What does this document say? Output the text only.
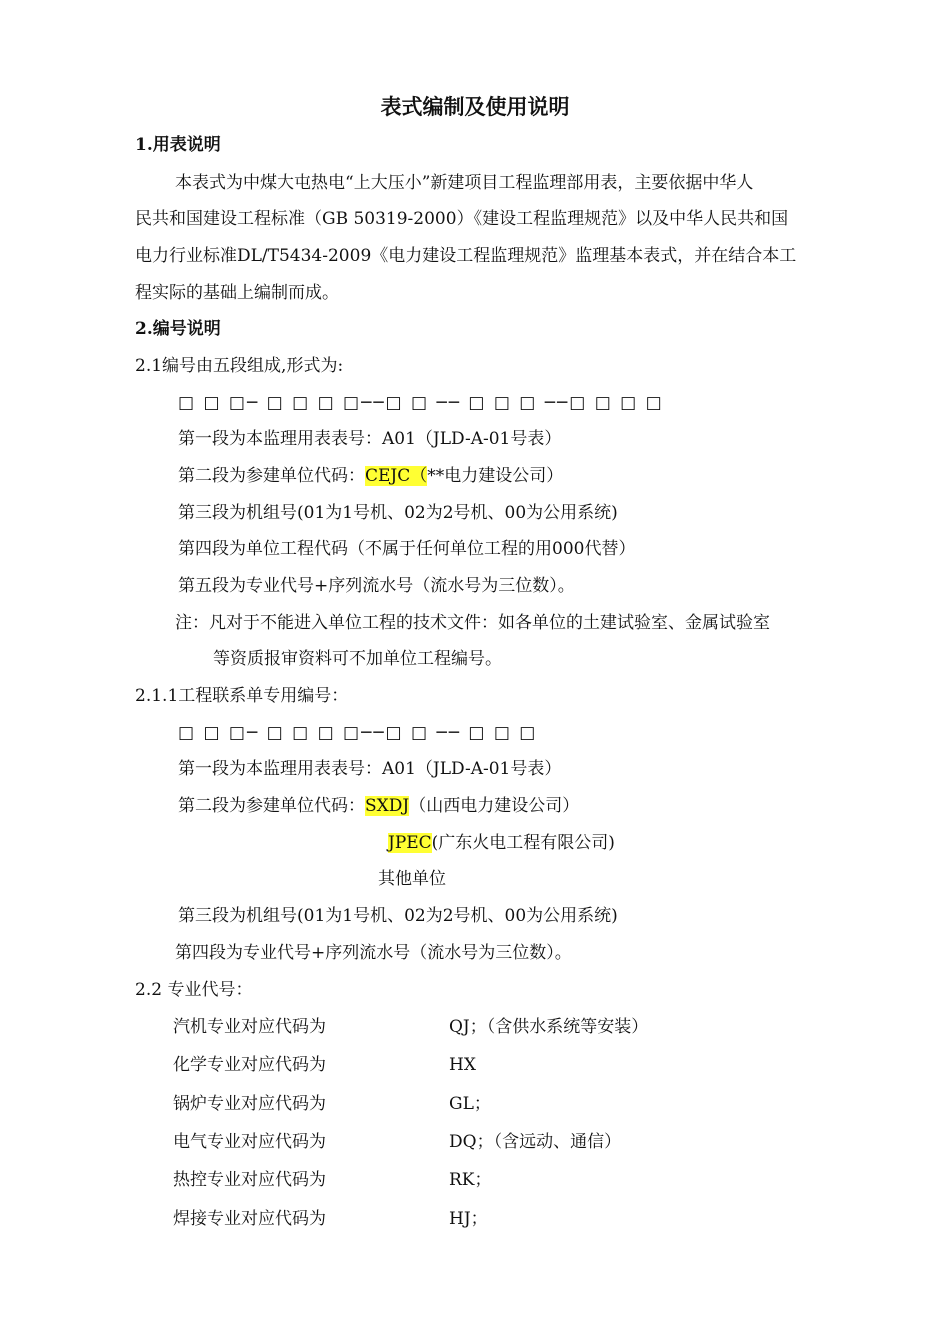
表式编制及使用说明
1.用表说明
本表式为中煤大屯热电“上大压小”新建项目工程监理部用表，主要依据中华人
民共和国建设工程标准（GB 50319-2000）《建设工程监理规范》以及中华人民共和国
电力行业标准DL/T5434-2009《电力建设工程监理规范》监理基本表式，并在结合本工
程实际的基础上编制而成。
2.编号说明
2.1编号由五段组成,形式为:
□ □ □─ □ □ □ □──□ □ ── □ □ □ ──□ □ □ □
第一段为本监理用表表号：A01（JLD-A-01号表）
第二段为参建单位代码：CEJC（**电力建设公司）
第三段为机组号(01为1号机、02为2号机、00为公用系统)
第四段为单位工程代码（不属于任何单位工程的用000代替）
第五段为专业代号+序列流水号（流水号为三位数）。
注：凡对于不能进入单位工程的技术文件：如各单位的土建试验室、金属试验室
等资质报审资料可不加单位工程编号。
2.1.1工程联系单专用编号：
□ □ □─ □ □ □ □──□ □ ── □ □ □
第一段为本监理用表表号：A01（JLD-A-01号表）
第二段为参建单位代码：SXDJ（山西电力建设公司）
JPEC(广东火电工程有限公司)
其他单位
第三段为机组号(01为1号机、02为2号机、00为公用系统)
第四段为专业代号+序列流水号（流水号为三位数）。
2.2 专业代号：
汽机专业对应代码为	QJ；（含供水系统等安装）
化学专业对应代码为	HX
锅炉专业对应代码为	GL；
电气专业对应代码为	DQ；（含远动、通信）
热控专业对应代码为	RK；
焊接专业对应代码为	HJ；
